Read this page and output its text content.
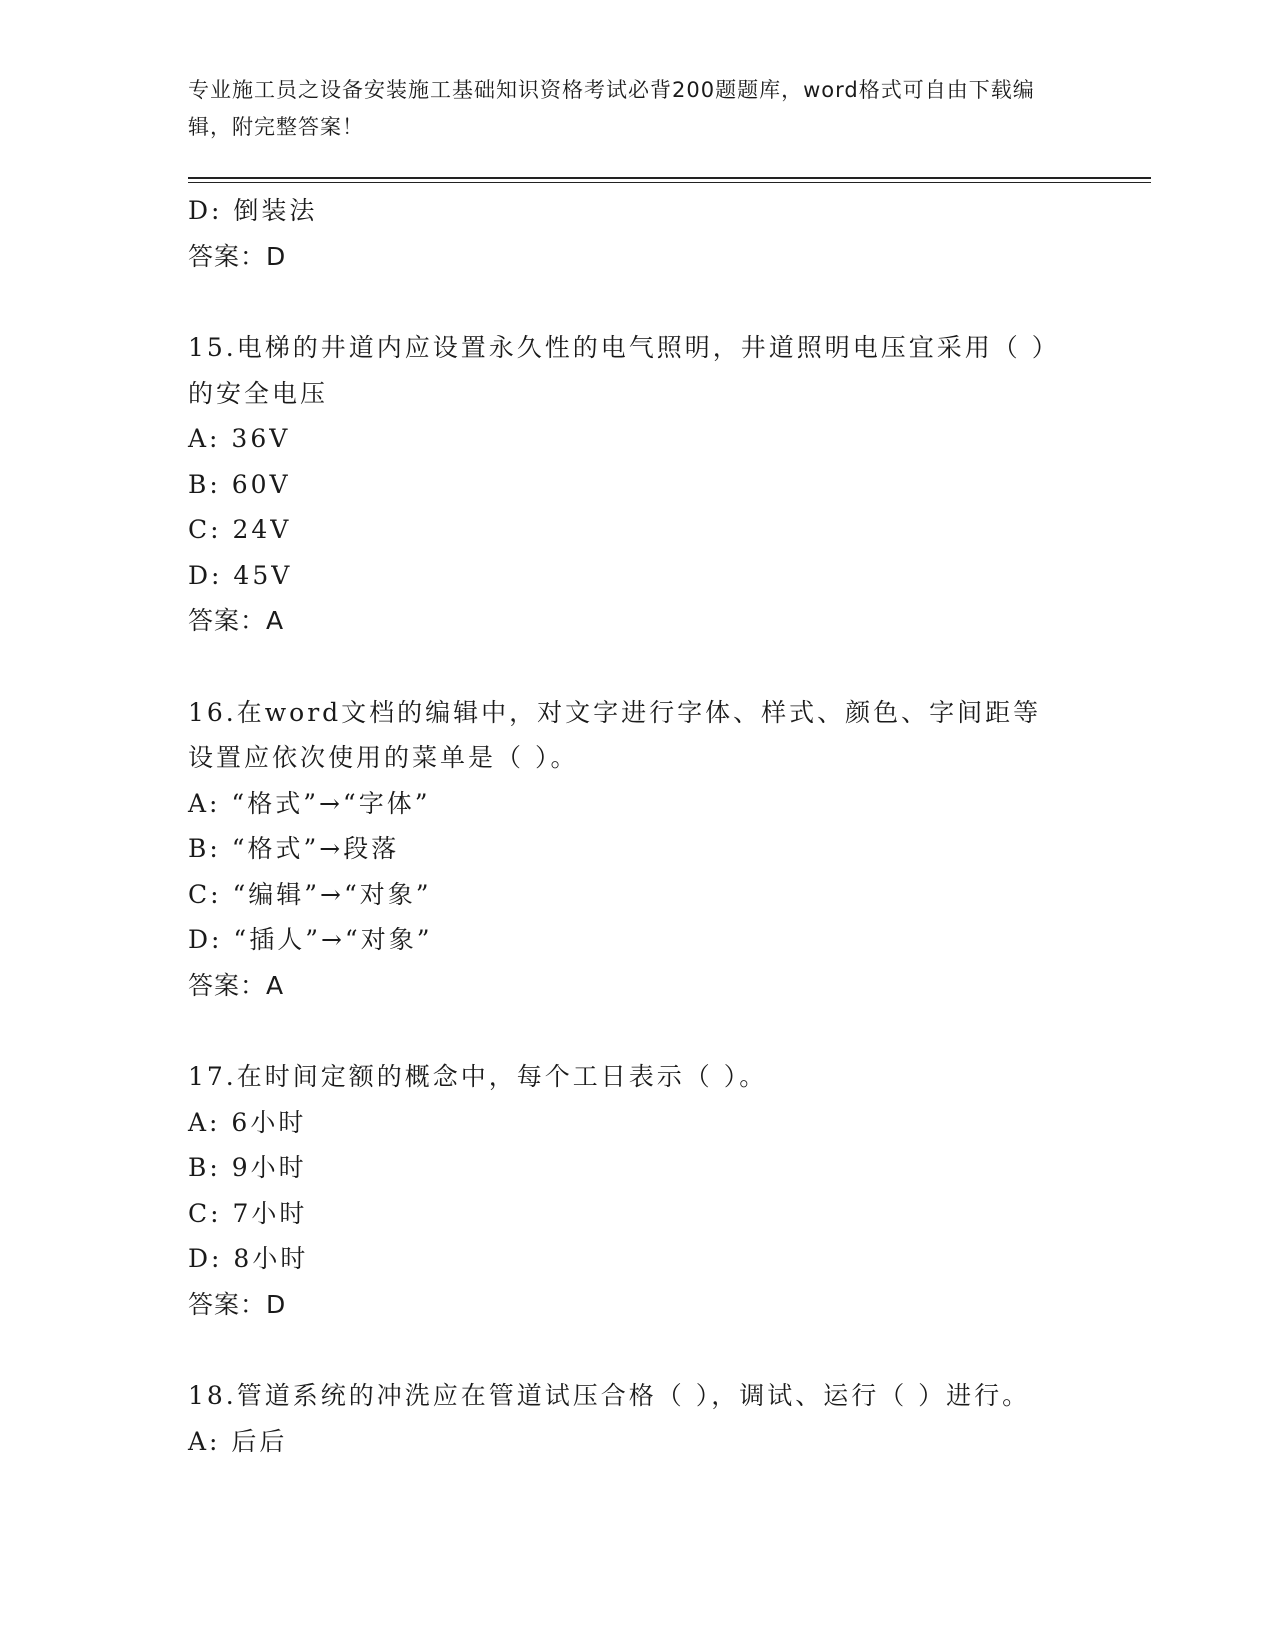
专业施工员之设备安装施工基础知识资格考试必背200题题库，word格式可自由下载编辑，附完整答案！
D: 倒装法
答案：D
15.电梯的井道内应设置永久性的电气照明，井道照明电压宜采用（ ）的安全电压
A: 36V
B: 60V
C: 24V
D: 45V
答案：A
16.在word文档的编辑中，对文字进行字体、样式、颜色、字间距等设置应依次使用的菜单是（ ）。
A: “格式”→“字体”
B: “格式”→段落
C: “编辑”→“对象”
D: “插人”→“对象”
答案：A
17.在时间定额的概念中，每个工日表示（ ）。
A: 6小时
B: 9小时
C: 7小时
D: 8小时
答案：D
18.管道系统的冲洗应在管道试压合格（ ），调试、运行（ ）进行。
A: 后后
